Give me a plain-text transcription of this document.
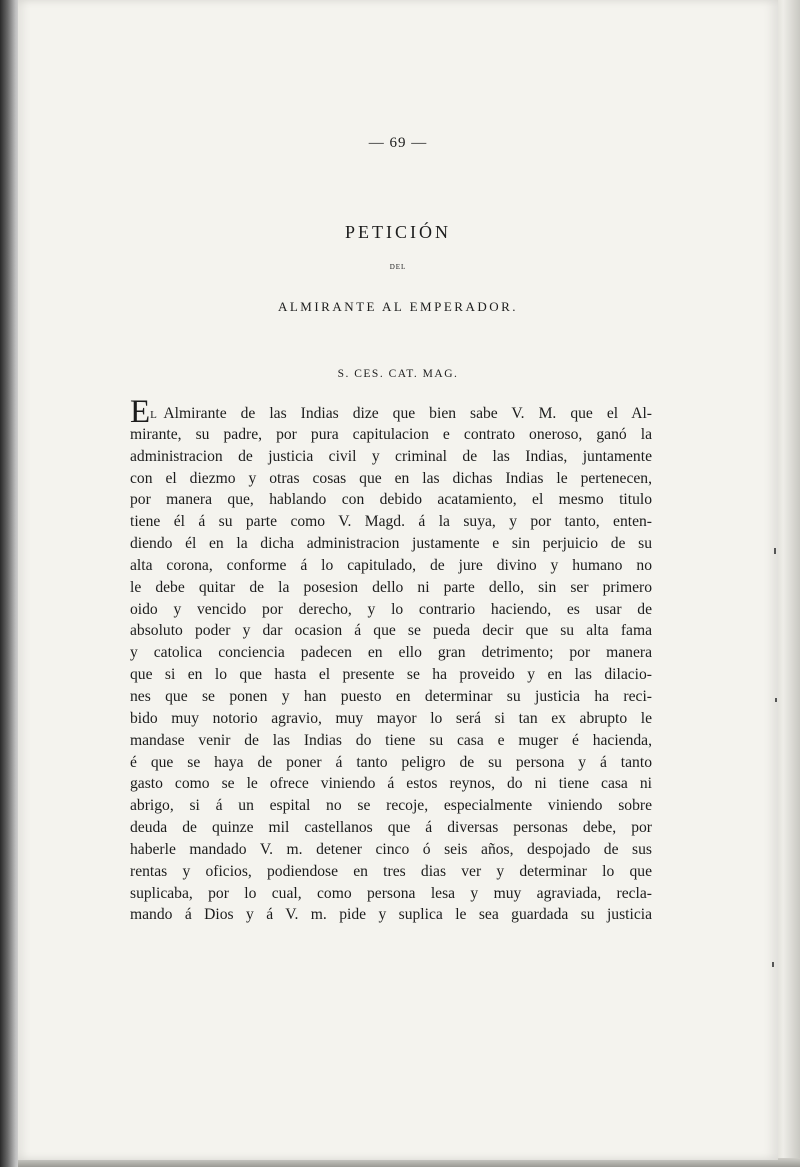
— 69 —
PETICIÓN
DEL
ALMIRANTE AL EMPERADOR.
S. CES. CAT. MAG.
EL Almirante de las Indias dize que bien sabe V. M. que el Al-
mirante, su padre, por pura capitulacion e contrato oneroso, ganó la
administracion de justicia civil y criminal de las Indias, juntamente
con el diezmo y otras cosas que en las dichas Indias le pertenecen,
por manera que, hablando con debido acatamiento, el mesmo titulo
tiene él á su parte como V. Magd. á la suya, y por tanto, enten-
diendo él en la dicha administracion justamente e sin perjuicio de su
alta corona, conforme á lo capitulado, de jure divino y humano no
le debe quitar de la posesion dello ni parte dello, sin ser primero
oido y vencido por derecho, y lo contrario haciendo, es usar de
absoluto poder y dar ocasion á que se pueda decir que su alta fama
y catolica conciencia padecen en ello gran detrimento; por manera
que si en lo que hasta el presente se ha proveido y en las dilacio-
nes que se ponen y han puesto en determinar su justicia ha reci-
bido muy notorio agravio, muy mayor lo será si tan ex abrupto le
mandase venir de las Indias do tiene su casa e muger é hacienda,
é que se haya de poner á tanto peligro de su persona y á tanto
gasto como se le ofrece viniendo á estos reynos, do ni tiene casa ni
abrigo, si á un espital no se recoje, especialmente viniendo sobre
deuda de quinze mil castellanos que á diversas personas debe, por
haberle mandado V. m. detener cinco ó seis años, despojado de sus
rentas y oficios, podiendose en tres dias ver y determinar lo que
suplicaba, por lo cual, como persona lesa y muy agraviada, recla-
mando á Dios y á V. m. pide y suplica le sea guardada su justicia
